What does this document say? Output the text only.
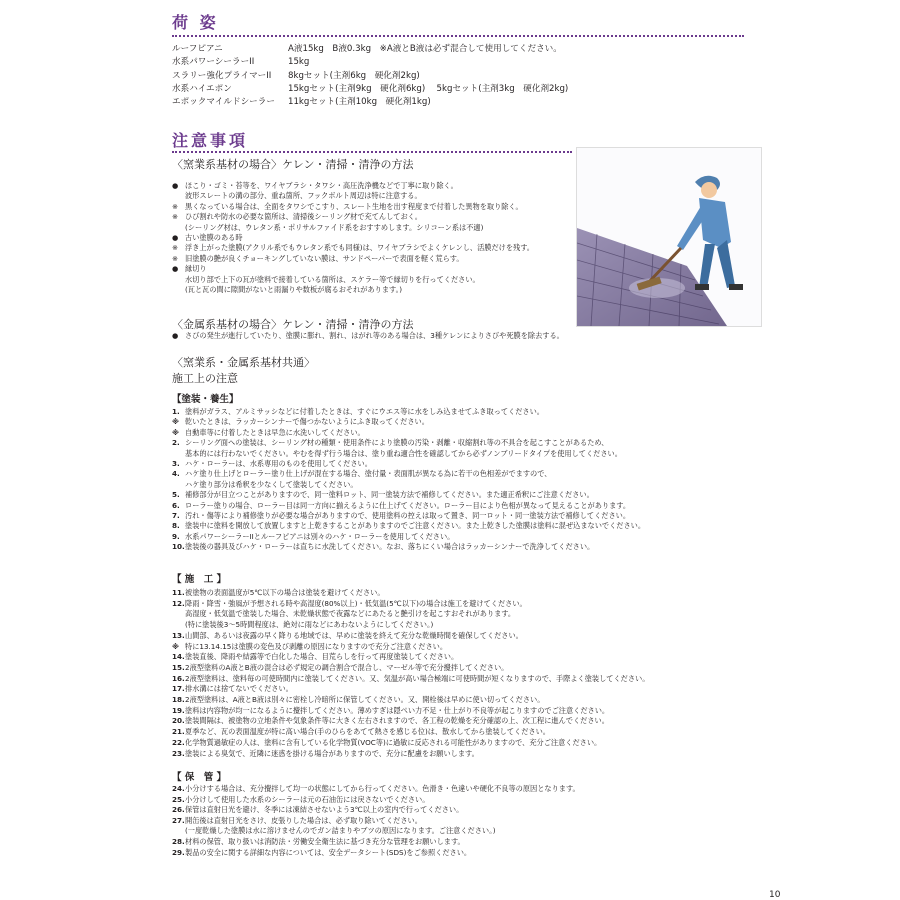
荷 姿
ルーフピアニ	A液15kg　B液0.3kg　※A液とB液は必ず混合して使用してください。
水系パワーシーラーII	15kg
スラリー強化プライマーII 8kgセット(主剤6kg　硬化剤2kg)
水系ハイエポン	15kgセット(主剤9kg　硬化剤6kg)　 5kgセット(主剤3kg　硬化剤2kg)
エポックマイルドシーラー 11kgセット(主剤10kg　硬化剤1kg)
注意事項
〈窯業系基材の場合〉ケレン・清掃・清浄の方法
● ほこり・ゴミ・苔等を、ワイヤブラシ・タワシ・高圧洗浄機などで丁寧に取り除く。
波形スレートの溝の部分、重ね箇所、フックボルト周辺は特に注意する。
※ 黒くなっている場合は、全面をタワシでこすり、スレート生地を出す程度まで付着した異物を取り除く。
※ ひび割れや防水の必要な箇所は、清掃後シーリング材で充てんしておく。
(シーリング材は、ウレタン系・ポリサルファイド系をおすすめします。シリコーン系は不適)
● 古い塗膜のある時
※ 浮き上がった塗膜(アクリル系でもウレタン系でも同様)は、ワイヤブラシでよくケレンし、活膜だけを残す。
※ 旧塗膜の艶が良くチョーキングしていない膜は、サンドペーパーで表面を軽く荒らす。
● 縁切り
水切り部で上下の瓦が塗料で接着している箇所は、スケラー等で縁切りを行ってください。
(瓦と瓦の間に隙間がないと雨漏りや数板が腐るおそれがあります。)
〈金属系基材の場合〉ケレン・清掃・清浄の方法
● さびの発生が進行していたり、塗膜に膨れ、割れ、はがれ等のある場合は、3種ケレンによりさびや死膜を除去する。
〈窯業系・金属系基材共通〉
施工上の注意
【塗装・養生】
1. 塗料がガラス、アルミサッシなどに付着したときは、すぐにウエス等に水をしみ込ませてふき取ってください。
※ 乾いたときは、ラッカーシンナーで傷つかないようにふき取ってください。
※ 自動車等に付着したときは早急に水洗いしてください。
2. シーリング面への塗装は、シーリング材の種類・使用条件により塗膜の汚染・剥離・収縮割れ等の不具合を起こすことがあるため、
基本的には行わないでください。やむを得ず行う場合は、塗り重ね適合性を確認してから必ずノンブリードタイプを使用してください。
3. ハケ・ローラーは、水系専用のものを使用してください。
4. ハケ塗り仕上げとローラー塗り仕上げが混在する場合、塗付量・表面肌が異なる為に若干の色相差がでますので、
ハケ塗り部分は希釈を少なくして塗装してください。
5. 補修部分が目立つことがありますので、同一塗料ロット、同一塗装方法で補修してください。また適正希釈にご注意ください。
6. ローラー塗りの場合、ローラー目は同一方向に揃えるように仕上げてください。ローラー目により色相が異なって見えることがあります。
7. 汚れ・傷等により補修塗りが必要な場合がありますので、使用塗料の控えは取って置き、同一ロット・同一塗装方法で補修してください。
8. 塗装中に塗料を開放して放置しますと上乾きすることがありますのでご注意ください。また上乾きした塗膜は塗料に混ぜ込まないでください。
9. 水系パワーシーラーIIとルーフピアニは別々のハケ・ローラーを使用してください。
10.塗装後の器具及びハケ・ローラーは直ちに水洗してください。なお、落ちにくい場合はラッカーシンナーで洗浄してください。
【 施　工 】
11.被塗物の表面温度が5℃以下の場合は塗装を避けてください。
12.降雨・降雪・強風が予想される時や高湿度(80%以上)・低気温(5℃以下)の場合は施工を避けてください。
高湿度・低気温で塗装した場合、未乾燥状態で夜露などにあたると艶引けを起こすおそれがあります。
(特に塗装後3～5時間程度は、絶対に雨などにあわないようにしてください。)
13.山間部、あるいは夜露の早く降りる地域では、早めに塗装を終えて充分な乾燥時間を確保してください。
※ 特に13.14.15は塗膜の変色及び剥離の原因になりますので充分ご注意ください。
14.塗装直後、降雨や結露等で白化した場合、目荒らしを行って再度塗装してください。
15.2液型塗料のA液とB液の混合は必ず規定の調合割合で混合し、マーゼル等で充分攪拌してください。
16.2液型塗料は、塗料毎の可使時間内に塗装してください。又、気温が高い場合極端に可使時間が短くなりますので、手際よく塗装してください。
17.排水溝には捨てないでください。
18.2液型塗料は、A液とB液は別々に密栓し冷暗所に保管してください。又、開栓後は早めに使い切ってください。
19.塗料は内容物が均一になるように攪拌してください。薄めすぎは隠ぺい力不足・仕上がり不良等が起こりますのでご注意ください。
20.塗装間隔は、被塗物の立地条件や気象条件等に大きく左右されますので、各工程の乾燥を充分確認の上、次工程に進んでください。
21.夏季など、瓦の表面温度が特に高い場合(手のひらをあてて熱さを感じる位)は、散水してから塗装してください。
22.化学物質過敏症の人は、塗料に含有している化学物質(VOC等)に過敏に反応される可能性がありますので、充分ご注意ください。
23.塗装による臭気で、近隣に迷惑を掛ける場合がありますので、充分に配慮をお願いします。
【 保　管 】
24.小分けする場合は、充分攪拌して均一の状態にしてから行ってください。色滑き・色違いや硬化不良等の原因となります。
25.小分けして使用した水系のシーラーは元の石油缶には戻さないでください。
26.保管は直射日光を避け、冬季には凍結させないよう3℃以上の室内で行ってください。
27.開缶後は直射日光をさけ、皮張りした場合は、必ず取り除いてください。
(一度乾燥した塗膜は水に溶けませんのでガン詰まりやブツの原因になります。ご注意ください。)
28.材料の保管、取り扱いは消防法・労働安全衛生法に基づき充分な管理をお願いします。
29.製品の安全に関する詳細な内容については、安全データシート(SDS)をご参照ください。
10
